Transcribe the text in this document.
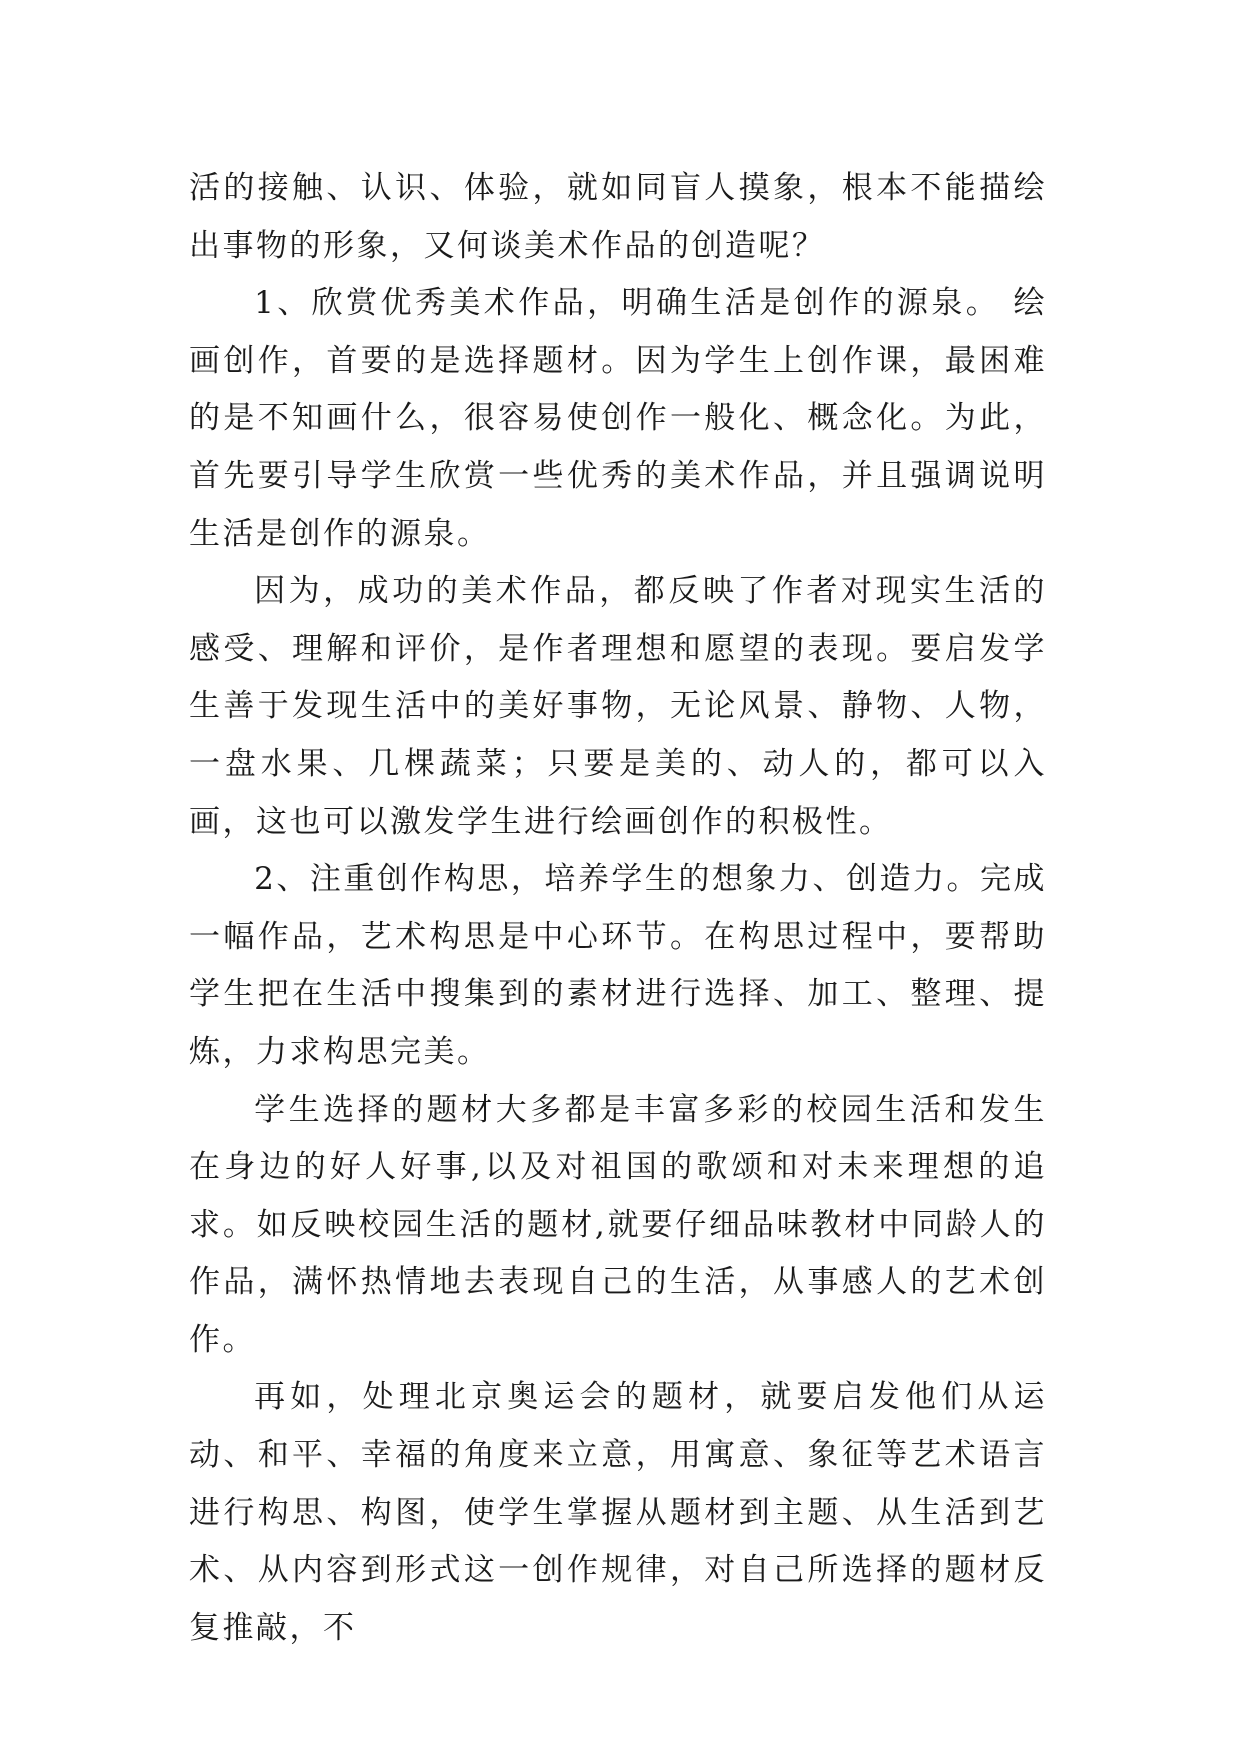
活的接触、认识、体验，就如同盲人摸象，根本不能描绘出事物的形象，又何谈美术作品的创造呢？

1、欣赏优秀美术作品，明确生活是创作的源泉。 绘画创作，首要的是选择题材。因为学生上创作课，最困难的是不知画什么，很容易使创作一般化、概念化。为此，首先要引导学生欣赏一些优秀的美术作品，并且强调说明生活是创作的源泉。

因为，成功的美术作品，都反映了作者对现实生活的感受、理解和评价，是作者理想和愿望的表现。要启发学生善于发现生活中的美好事物，无论风景、静物、人物，一盘水果、几棵蔬菜；只要是美的、动人的，都可以入画，这也可以激发学生进行绘画创作的积极性。

2、注重创作构思，培养学生的想象力、创造力。完成一幅作品，艺术构思是中心环节。在构思过程中，要帮助学生把在生活中搜集到的素材进行选择、加工、整理、提炼，力求构思完美。

学生选择的题材大多都是丰富多彩的校园生活和发生在身边的好人好事,以及对祖国的歌颂和对未来理想的追求。如反映校园生活的题材,就要仔细品味教材中同龄人的作品，满怀热情地去表现自己的生活，从事感人的艺术创作。

再如，处理北京奥运会的题材，就要启发他们从运动、和平、幸福的角度来立意，用寓意、象征等艺术语言进行构思、构图，使学生掌握从题材到主题、从生活到艺术、从内容到形式这一创作规律，对自己所选择的题材反复推敲，不
